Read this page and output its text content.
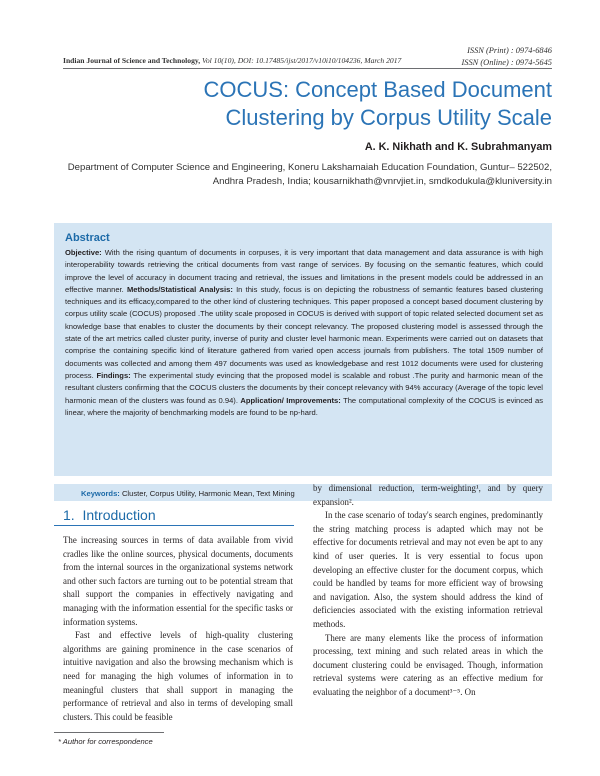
ISSN (Print) : 0974-6846
ISSN (Online) : 0974-5645
Indian Journal of Science and Technology, Vol 10(10), DOI: 10.17485/ijst/2017/v10i10/104236, March 2017
COCUS: Concept Based Document
Clustering by Corpus Utility Scale
A. K. Nikhath and K. Subrahmanyam
Department of Computer Science and Engineering, Koneru Lakshamaiah Education Foundation, Guntur– 522502,
Andhra Pradesh, India; kousarnikhath@vnrvjiet.in, smdkodukula@kluniversity.in
Abstract
Objective: With the rising quantum of documents in corpuses, it is very important that data management and data assurance is with high interoperability towards retrieving the critical documents from vast range of services. By focusing on the semantic features, which could improve the level of accuracy in document tracing and retrieval, the issues and limitations in the present models could be addressed in an effective manner. Methods/Statistical Analysis: In this study, focus is on depicting the robustness of semantic features based clustering techniques and its efficacy,compared to the other kind of clustering techniques. This paper proposed a concept based document clustering by corpus utility scale (COCUS) proposed .The utility scale proposed in COCUS is derived with support of topic related selected document set as knowledge base that enables to cluster the documents by their concept relevancy. The proposed clustering model is assessed through the state of the art metrics called cluster purity, inverse of purity and cluster level harmonic mean. Experiments were carried out on datasets that comprise the containing specific kind of literature gathered from varied open access journals from publishers. The total 1509 number of documents was collected and among them 497 documents was used as knowledgebase and rest 1012 documents were used for clustering process. Findings: The experimental study evincing that the proposed model is scalable and robust .The purity and harmonic mean of the resultant clusters confirming that the COCUS clusters the documents by their concept relevancy with 94% accuracy (Average of the topic level harmonic mean of the clusters was found as 0.94). Application/ Improvements: The computational complexity of the COCUS is evinced as linear, where the majority of benchmarking models are found to be np-hard.
Keywords: Cluster, Corpus Utility, Harmonic Mean, Text Mining
1. Introduction

The increasing sources in terms of data available from vivid cradles like the online sources, physical documents, documents from the internal sources in the organizational systems network and other such factors are turning out to be potential stream that shall support the companies in effectively navigating and managing with the information essential for the specific tasks or information systems.

Fast and effective levels of high-quality clustering algorithms are gaining prominence in the case scenarios of intuitive navigation and also the browsing mechanism which is need for managing the high volumes of information in to meaningful clusters that shall support in managing the performance of retrieval and also in terms of developing small clusters. This could be feasible

by dimensional reduction, term-weighting¹, and by query expansion².

In the case scenario of today's search engines, predominantly the string matching process is adapted which may not be effective for documents retrieval and may not even be apt to any kind of user queries. It is very essential to focus upon developing an effective cluster for the document corpus, which could be handled by teams for more efficient way of browsing and navigation. Also, the system should address the kind of deficiencies associated with the existing information retrieval methods.

There are many elements like the process of information processing, text mining and such related areas in which the document clustering could be envisaged. Though, information retrieval systems were catering as an effective medium for evaluating the neighbor of a document³⁻⁵. On

* Author for correspondence
